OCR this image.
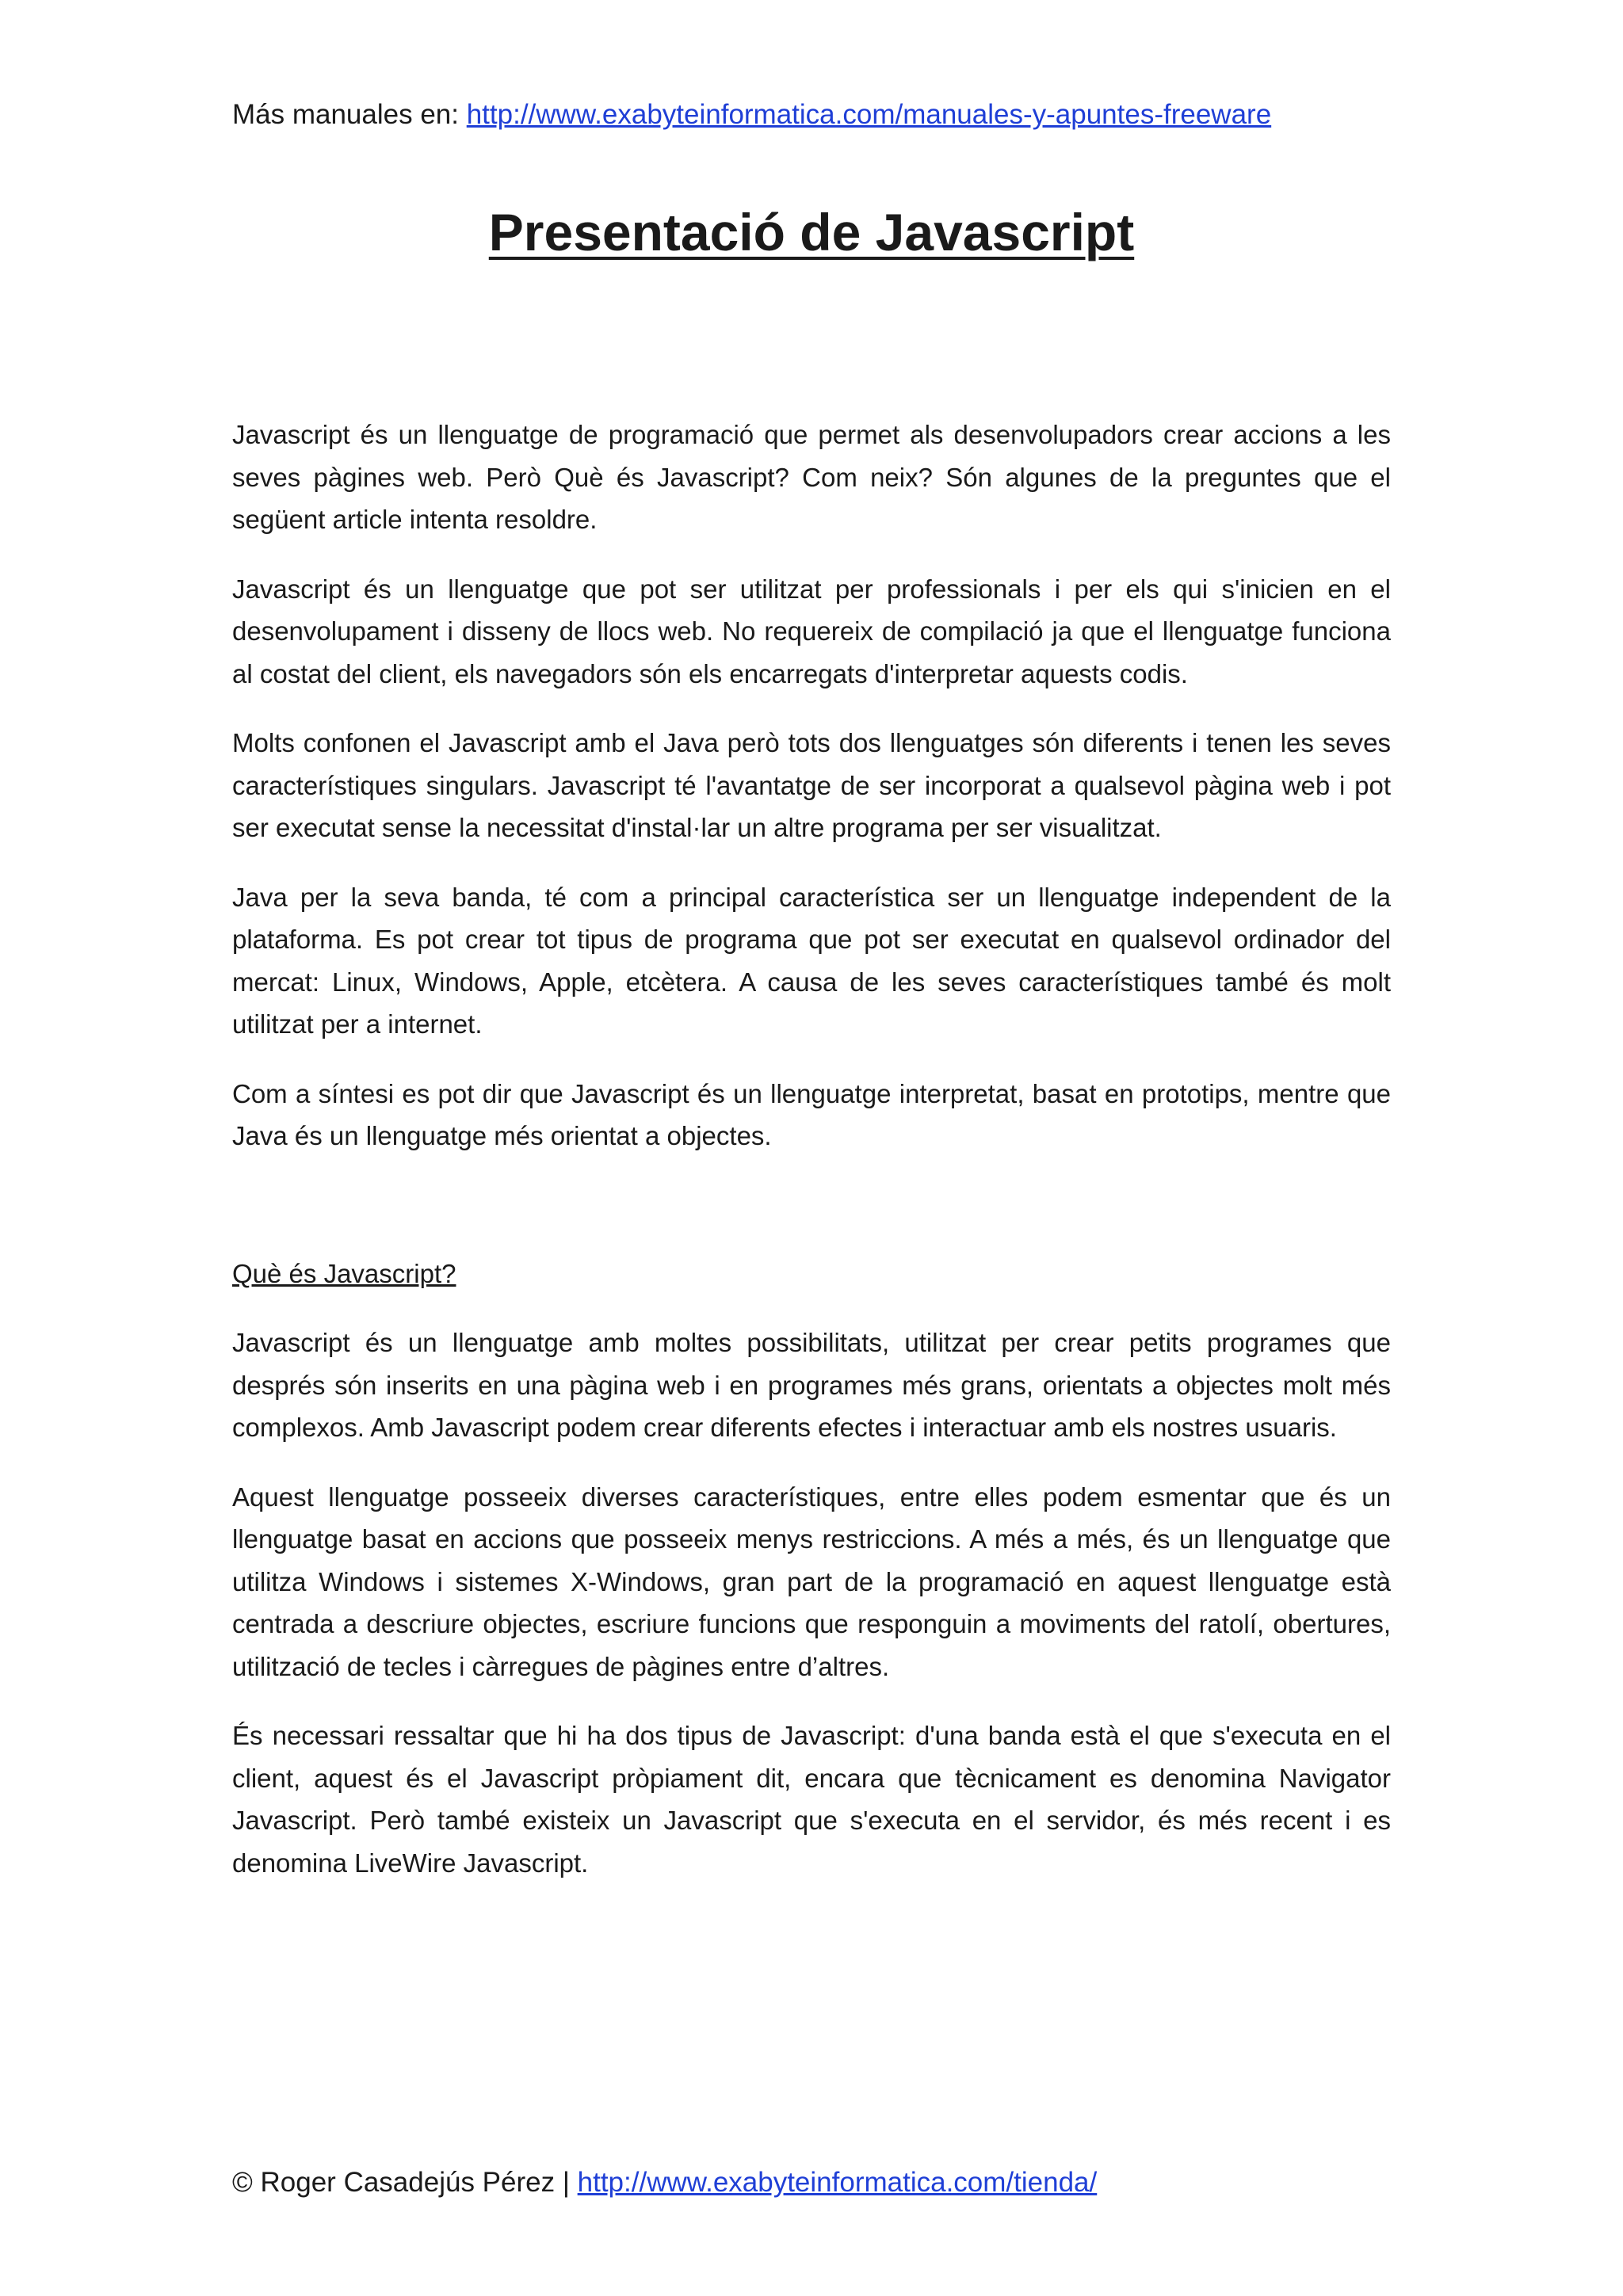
Más manuales en: http://www.exabyteinformatica.com/manuales-y-apuntes-freeware
Presentació de Javascript

Javascript és un llenguatge de programació que permet als desenvolupadors crear accions a les seves pàgines web. Però Què és Javascript? Com neix? Són algunes de la preguntes que el següent article intenta resoldre.

Javascript és un llenguatge que pot ser utilitzat per professionals i per els qui s'inicien en el desenvolupament i disseny de llocs web. No requereix de compilació ja que el llenguatge funciona al costat del client, els navegadors són els encarregats d'interpretar aquests codis.

Molts confonen el Javascript amb el Java però tots dos llenguatges són diferents i tenen les seves característiques singulars. Javascript té l'avantatge de ser incorporat a qualsevol pàgina web i pot ser executat sense la necessitat d'instal·lar un altre programa per ser visualitzat.

Java per la seva banda, té com a principal característica ser un llenguatge independent de la plataforma. Es pot crear tot tipus de programa que pot ser executat en qualsevol ordinador del mercat: Linux, Windows, Apple, etcètera. A causa de les seves característiques també és molt utilitzat per a internet.

Com a síntesi es pot dir que Javascript és un llenguatge interpretat, basat en prototips, mentre que Java és un llenguatge més orientat a objectes.

Què és Javascript?

Javascript és un llenguatge amb moltes possibilitats, utilitzat per crear petits programes que després són inserits en una pàgina web i en programes més grans, orientats a objectes molt més complexos. Amb Javascript podem crear diferents efectes i interactuar amb els nostres usuaris.

Aquest llenguatge posseeix diverses característiques, entre elles podem esmentar que és un llenguatge basat en accions que posseeix menys restriccions. A més a més, és un llenguatge que utilitza Windows i sistemes X-Windows, gran part de la programació en aquest llenguatge està centrada a descriure objectes, escriure funcions que responguin a moviments del ratolí, obertures, utilització de tecles i càrregues de pàgines entre d’altres.

És necessari ressaltar que hi ha dos tipus de Javascript: d'una banda està el que s'executa en el client, aquest és el Javascript pròpiament dit, encara que tècnicament es denomina Navigator Javascript. Però també existeix un Javascript que s'executa en el servidor, és més recent i es denomina LiveWire Javascript.

© Roger Casadejús Pérez | http://www.exabyteinformatica.com/tienda/
